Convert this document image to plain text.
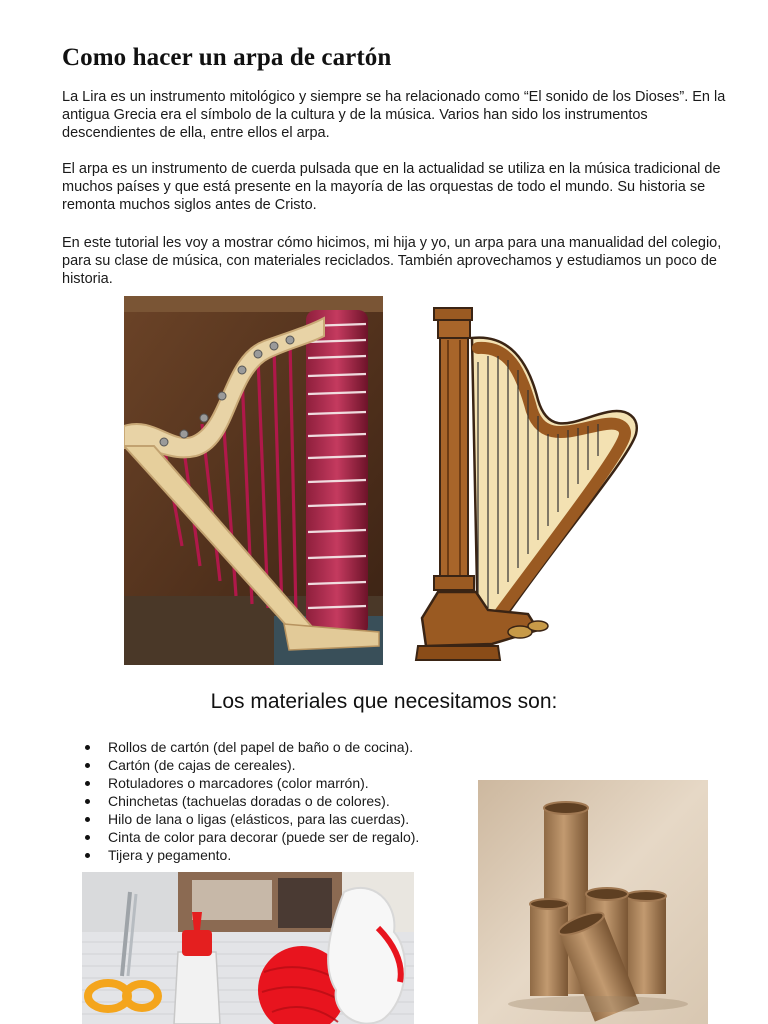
Como hacer un arpa de cartón

La Lira es un instrumento mitológico y siempre se ha relacionado como “El sonido de los Dioses”. En la antigua Grecia era el símbolo de la cultura y de la música. Varios han sido los instrumentos descendientes de ella, entre ellos el arpa.

El arpa es un instrumento de cuerda pulsada que en la actualidad se utiliza en la música tradicional de muchos países y que está presente en la mayoría de las orquestas de todo el mundo. Su historia se remonta muchos siglos antes de Cristo.

En este tutorial les voy a mostrar cómo hicimos, mi hija y yo, un arpa para una manualidad del colegio, para su clase de música, con materiales reciclados. También aprovechamos y estudiamos un poco de historia.

Los materiales que necesitamos son:
Rollos de cartón (del papel de baño o de cocina).
Cartón (de cajas de cereales).
Rotuladores o marcadores (color marrón).
Chinchetas (tachuelas doradas o de colores).
Hilo de lana o ligas (elásticos, para las cuerdas).
Cinta de color para decorar (puede ser de regalo).
Tijera y pegamento.
